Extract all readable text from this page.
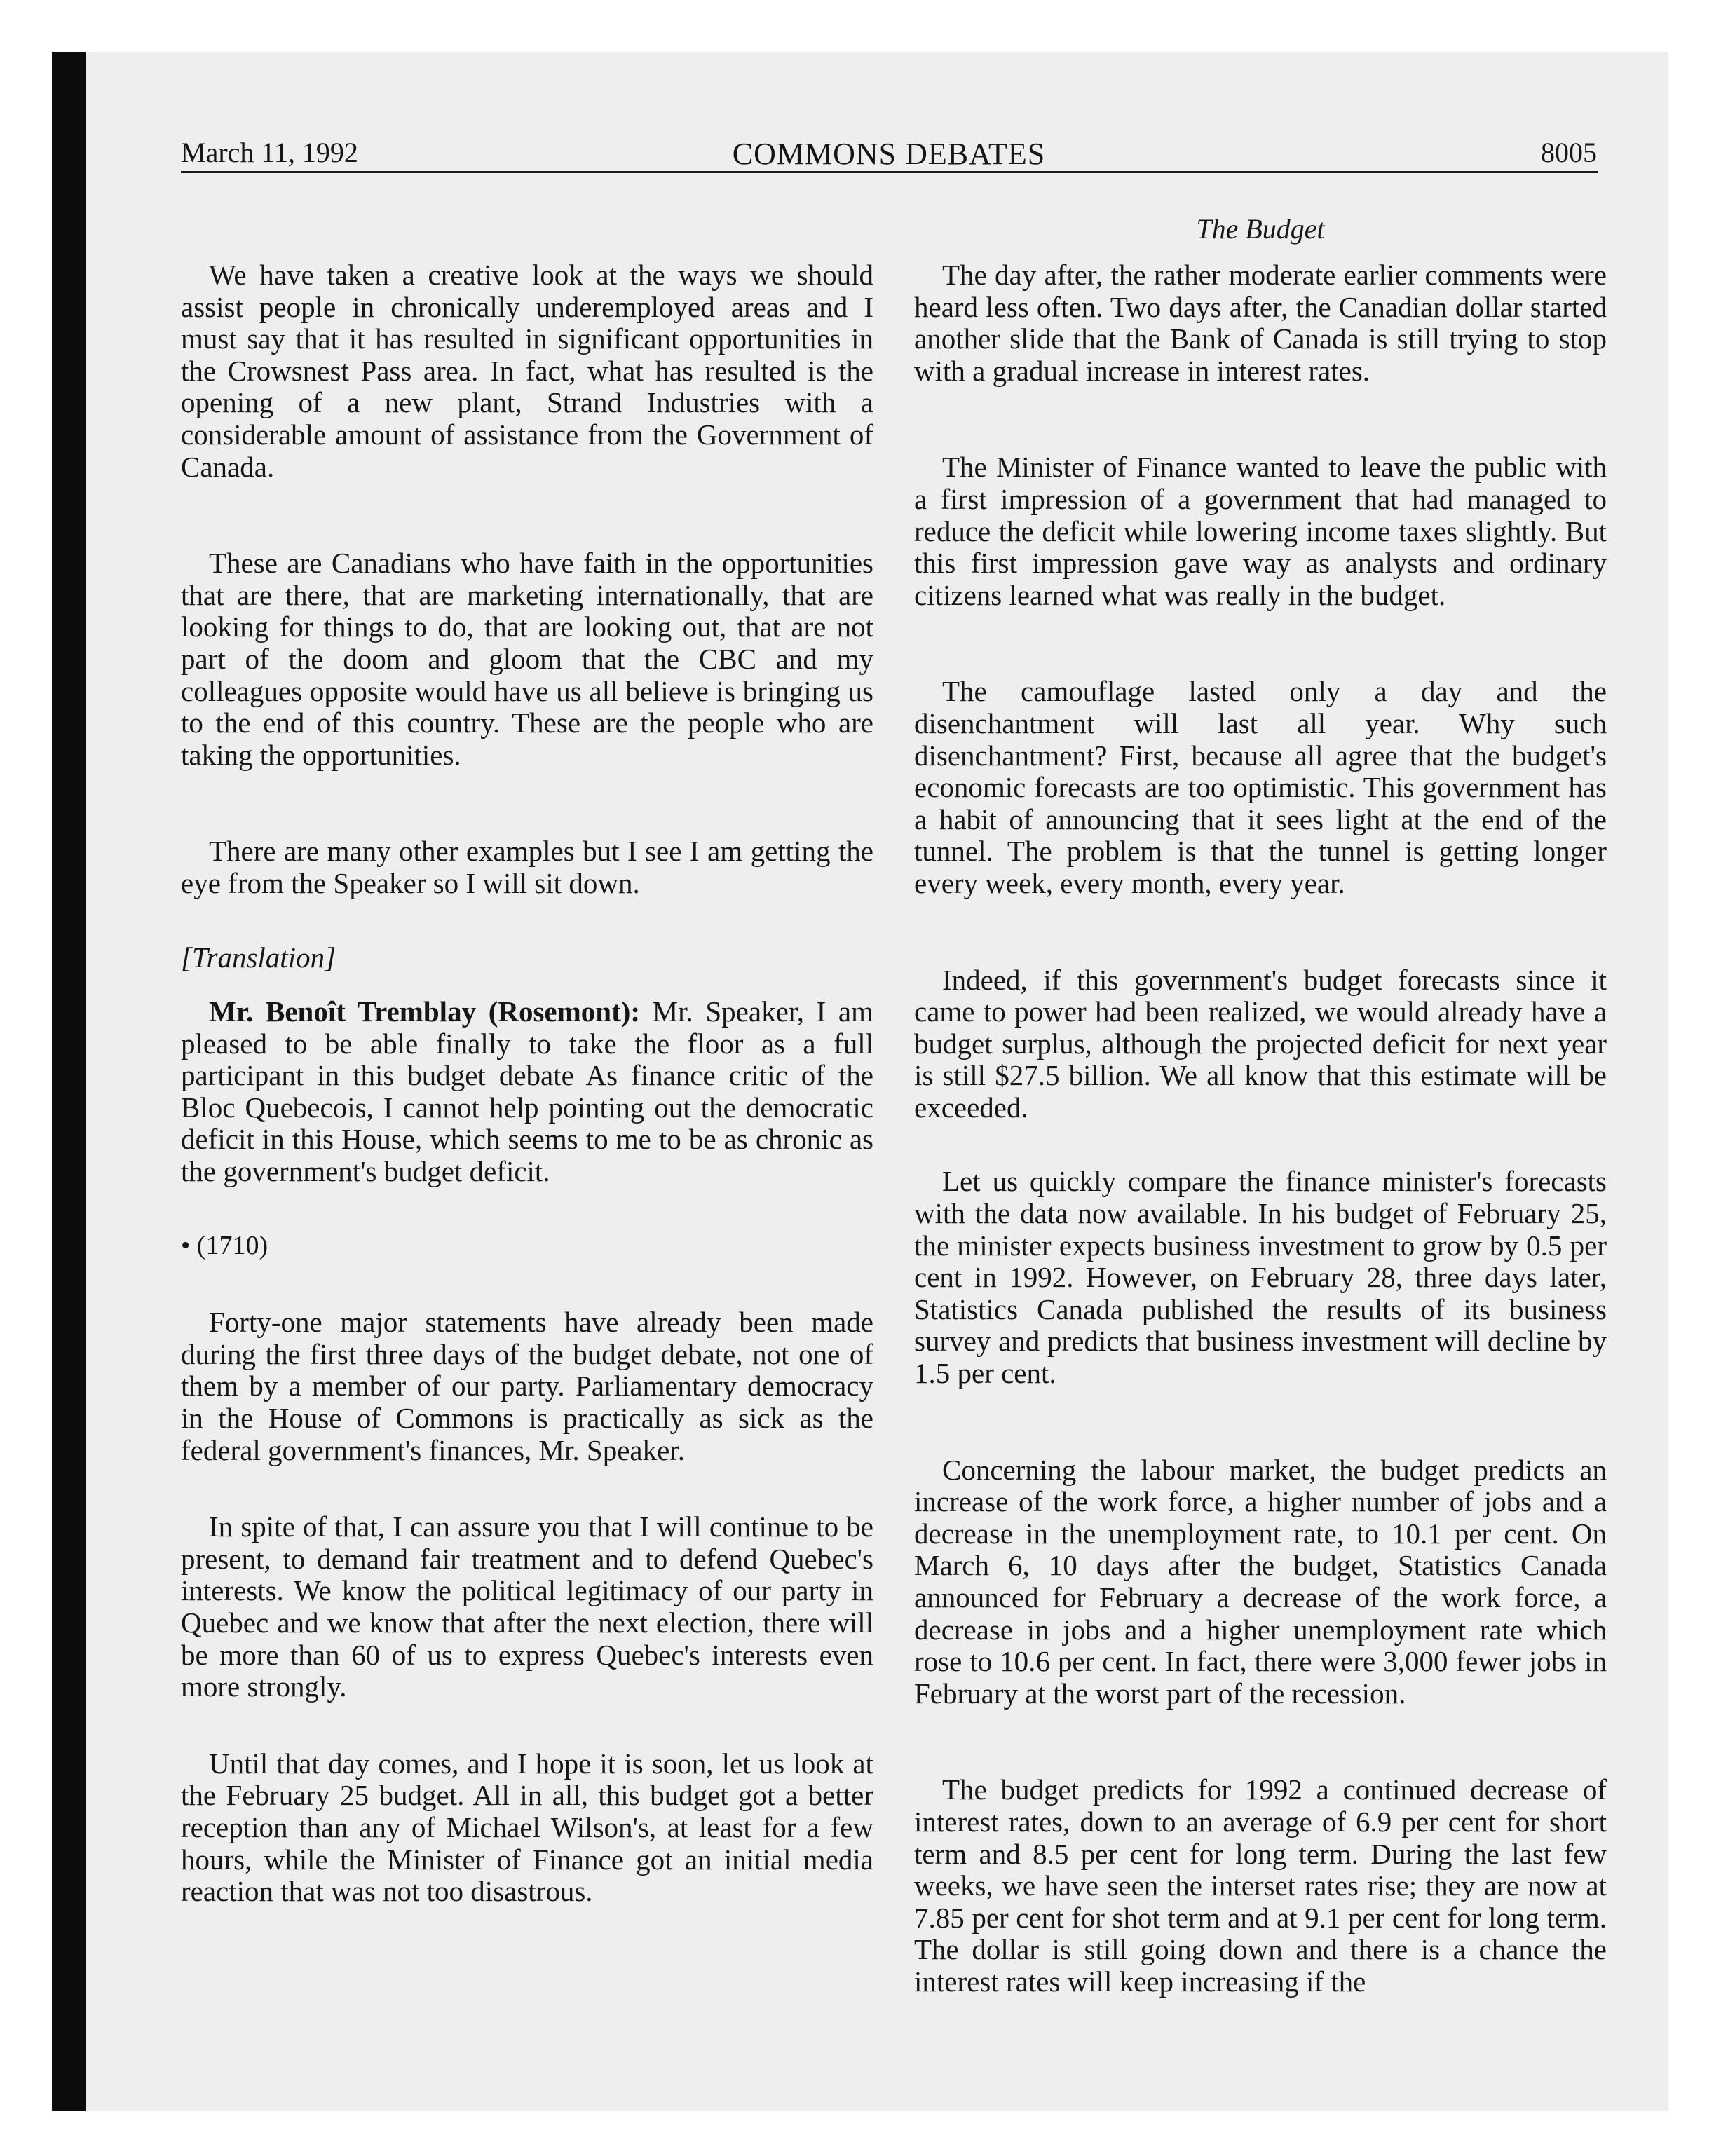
March 11, 1992	COMMONS DEBATES	8005
The Budget

We have taken a creative look at the ways we should assist people in chronically underemployed areas and I must say that it has resulted in significant opportunities in the Crowsnest Pass area. In fact, what has resulted is the opening of a new plant, Strand Industries with a considerable amount of assistance from the Government of Canada.

These are Canadians who have faith in the opportunities that are there, that are marketing internationally, that are looking for things to do, that are looking out, that are not part of the doom and gloom that the CBC and my colleagues opposite would have us all believe is bringing us to the end of this country. These are the people who are taking the opportunities.

There are many other examples but I see I am getting the eye from the Speaker so I will sit down.

[Translation]

Mr. Benoît Tremblay (Rosemont): Mr. Speaker, I am pleased to be able finally to take the floor as a full participant in this budget debate As finance critic of the Bloc Quebecois, I cannot help pointing out the democratic deficit in this House, which seems to me to be as chronic as the government's budget deficit.

• (1710)

Forty-one major statements have already been made during the first three days of the budget debate, not one of them by a member of our party. Parliamentary democracy in the House of Commons is practically as sick as the federal government's finances, Mr. Speaker.

In spite of that, I can assure you that I will continue to be present, to demand fair treatment and to defend Quebec's interests. We know the political legitimacy of our party in Quebec and we know that after the next election, there will be more than 60 of us to express Quebec's interests even more strongly.

Until that day comes, and I hope it is soon, let us look at the February 25 budget. All in all, this budget got a better reception than any of Michael Wilson's, at least for a few hours, while the Minister of Finance got an initial media reaction that was not too disastrous.

The day after, the rather moderate earlier comments were heard less often. Two days after, the Canadian dollar started another slide that the Bank of Canada is still trying to stop with a gradual increase in interest rates.

The Minister of Finance wanted to leave the public with a first impression of a government that had managed to reduce the deficit while lowering income taxes slightly. But this first impression gave way as analysts and ordinary citizens learned what was really in the budget.

The camouflage lasted only a day and the disenchantment will last all year. Why such disenchantment? First, because all agree that the budget's economic forecasts are too optimistic. This government has a habit of announcing that it sees light at the end of the tunnel. The problem is that the tunnel is getting longer every week, every month, every year.

Indeed, if this government's budget forecasts since it came to power had been realized, we would already have a budget surplus, although the projected deficit for next year is still $27.5 billion. We all know that this estimate will be exceeded.

Let us quickly compare the finance minister's forecasts with the data now available. In his budget of February 25, the minister expects business investment to grow by 0.5 per cent in 1992. However, on February 28, three days later, Statistics Canada published the results of its business survey and predicts that business investment will decline by 1.5 per cent.

Concerning the labour market, the budget predicts an increase of the work force, a higher number of jobs and a decrease in the unemployment rate, to 10.1 per cent. On March 6, 10 days after the budget, Statistics Canada announced for February a decrease of the work force, a decrease in jobs and a higher unemployment rate which rose to 10.6 per cent. In fact, there were 3,000 fewer jobs in February at the worst part of the recession.

The budget predicts for 1992 a continued decrease of interest rates, down to an average of 6.9 per cent for short term and 8.5 per cent for long term. During the last few weeks, we have seen the interset rates rise; they are now at 7.85 per cent for shot term and at 9.1 per cent for long term. The dollar is still going down and there is a chance the interest rates will keep increasing if the
